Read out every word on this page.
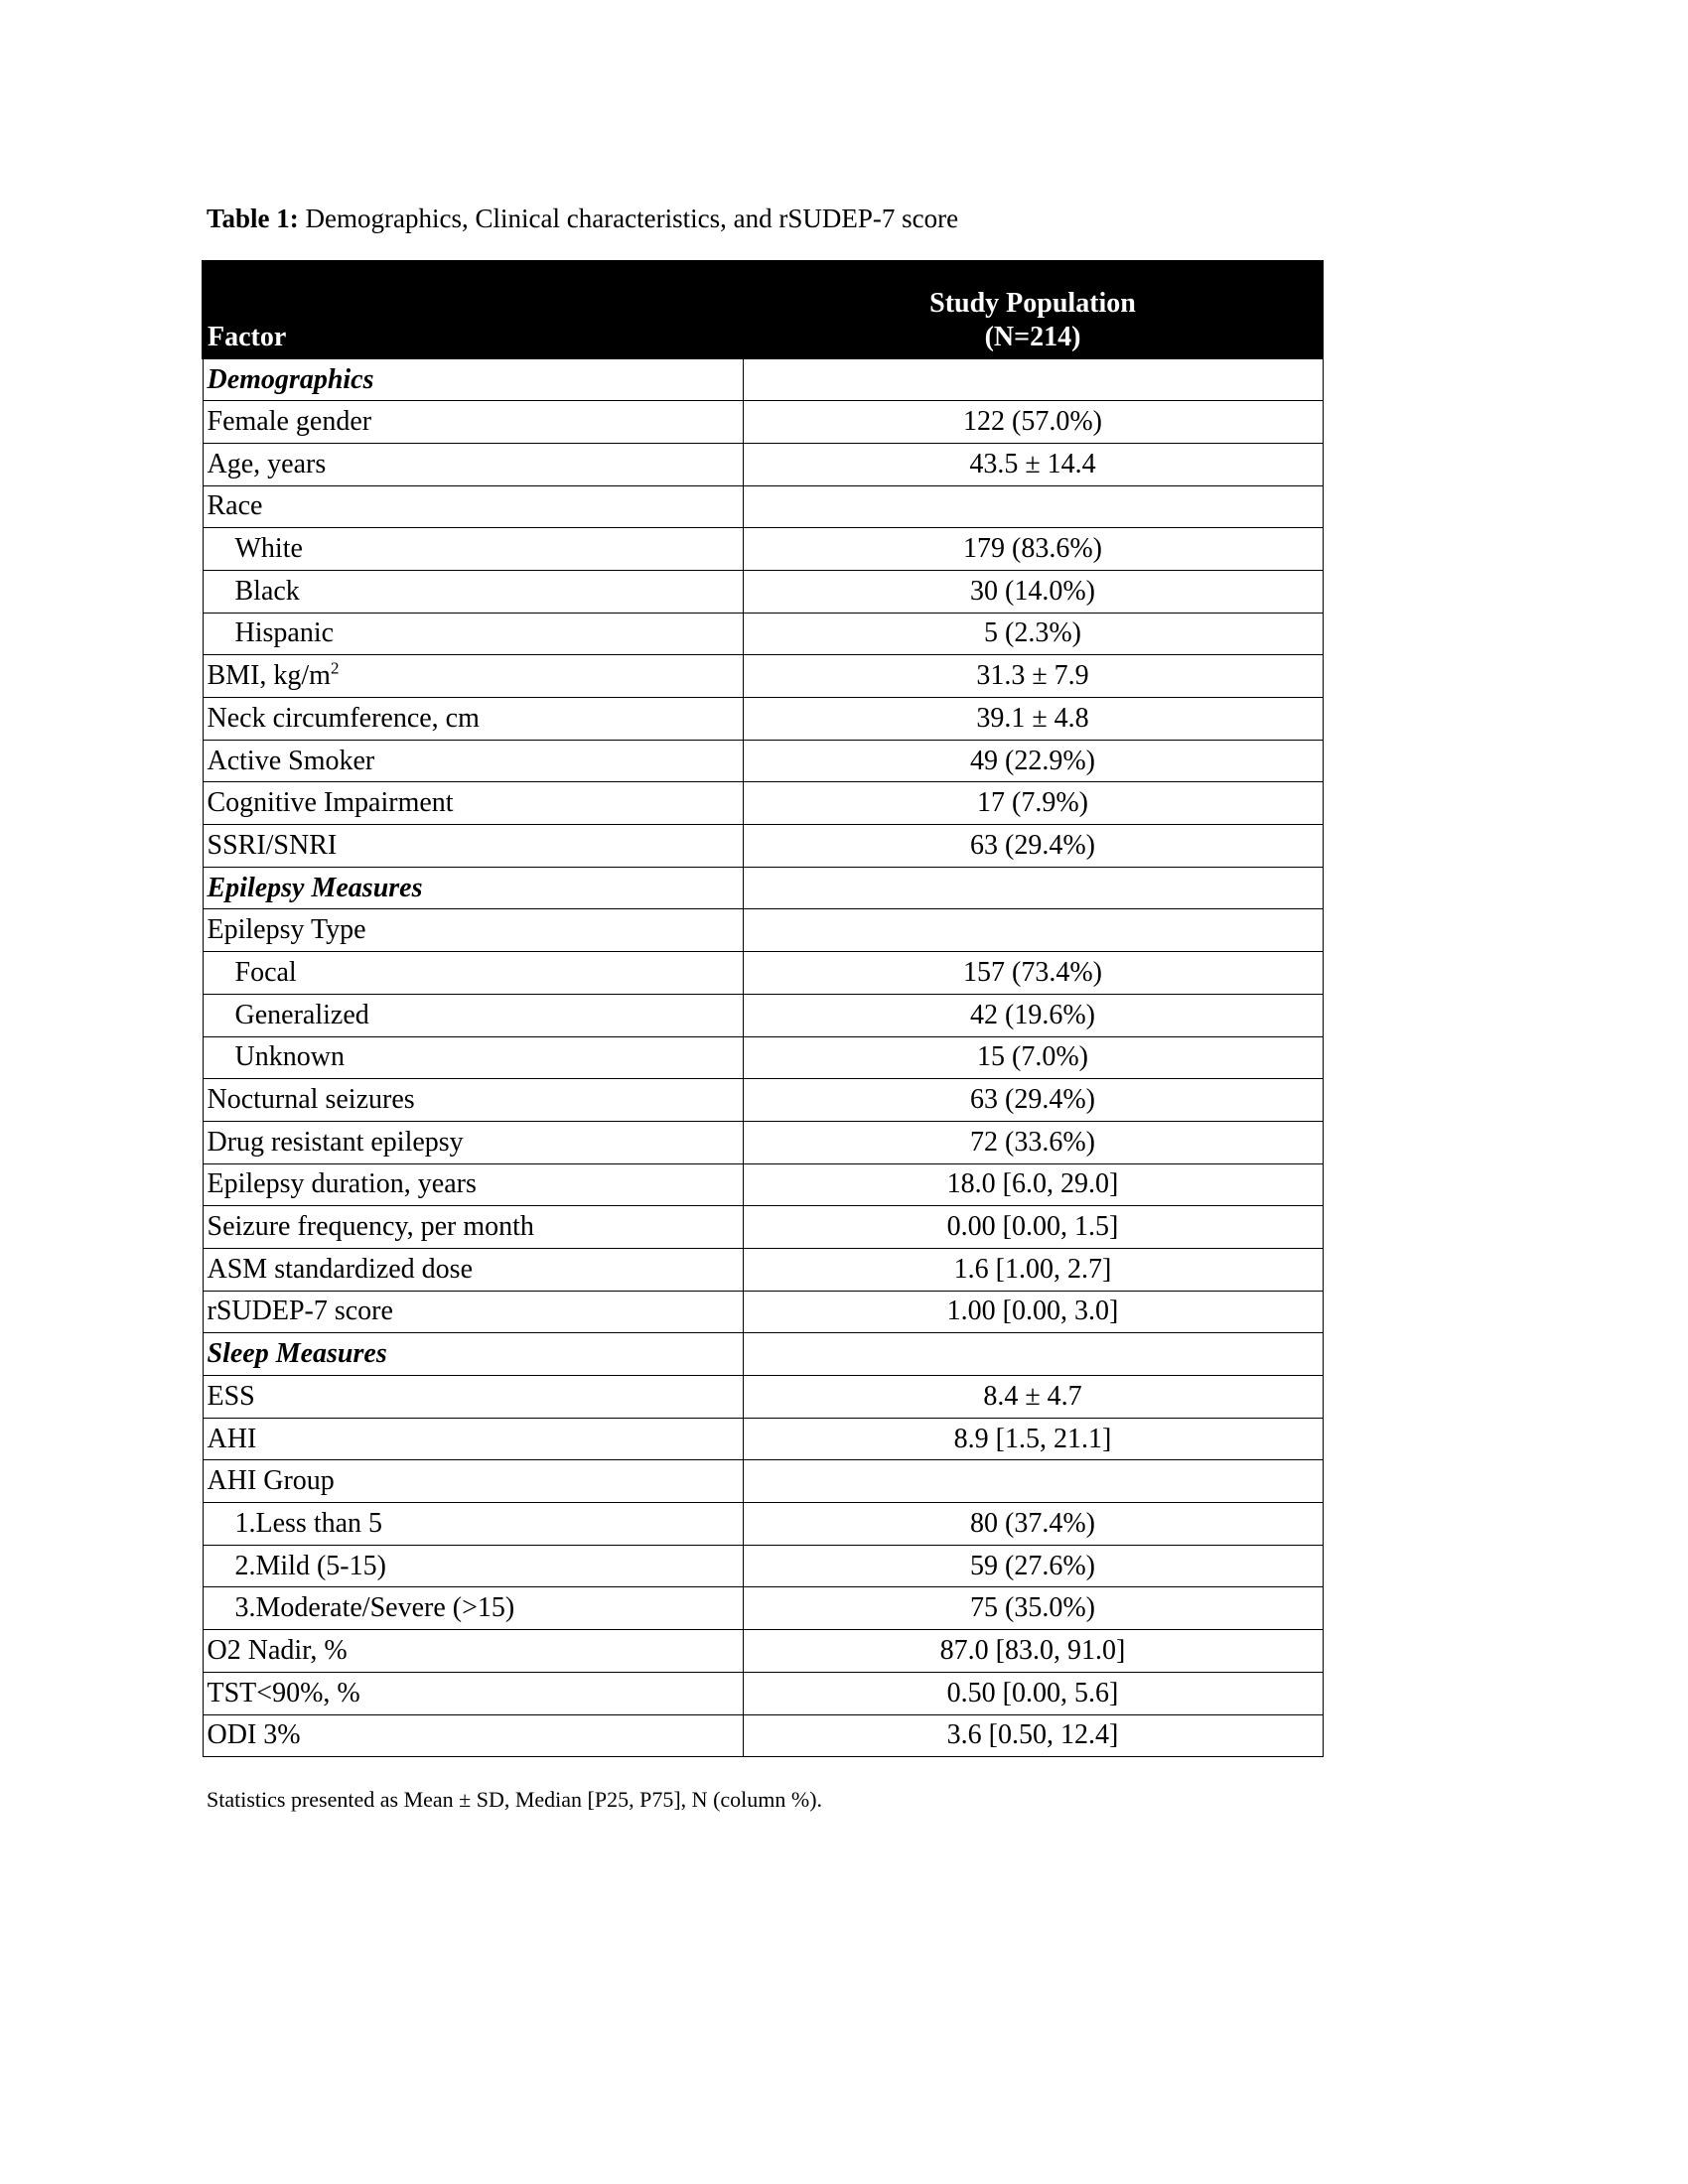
Table 1: Demographics, Clinical characteristics, and rSUDEP-7 score
Factor	Study Population
(N=214)

Demographics	
Female gender	122 (57.0%)
Age, years	43.5 ± 14.4
Race	
White	179 (83.6%)
Black	30 (14.0%)
Hispanic	5 (2.3%)
BMI, $kg/m^2$	31.3 ± 7.9
Neck circumference, cm	39.1 ± 4.8
Active Smoker	49 (22.9%)
Cognitive Impairment	17 (7.9%)
SSRI/SNRI	63 (29.4%)
Epilepsy Measures	
Epilepsy Type	
Focal	157 (73.4%)
Generalized	42 (19.6%)
Unknown	15 (7.0%)
Nocturnal seizures	63 (29.4%)
Drug resistant epilepsy	72 (33.6%)
Epilepsy duration, years	18.0 [6.0, 29.0]
Seizure frequency, per month	0.00 [0.00, 1.5]
ASM standardized dose	1.6 [1.00, 2.7]
rSUDEP-7 score	1.00 [0.00, 3.0]
Sleep Measures	
ESS	8.4 ± 4.7
AHI	8.9 [1.5, 21.1]
AHI Group	
1.Less than 5	80 (37.4%)
2.Mild (5-15)	59 (27.6%)
3.Moderate/Severe (>15)	75 (35.0%)
O2 Nadir, %	87.0 [83.0, 91.0]
TST<90%, %	0.50 [0.00, 5.6]
ODI 3%	3.6 [0.50, 12.4]
Statistics presented as Mean ± SD, Median [P25, P75], N (column %).
